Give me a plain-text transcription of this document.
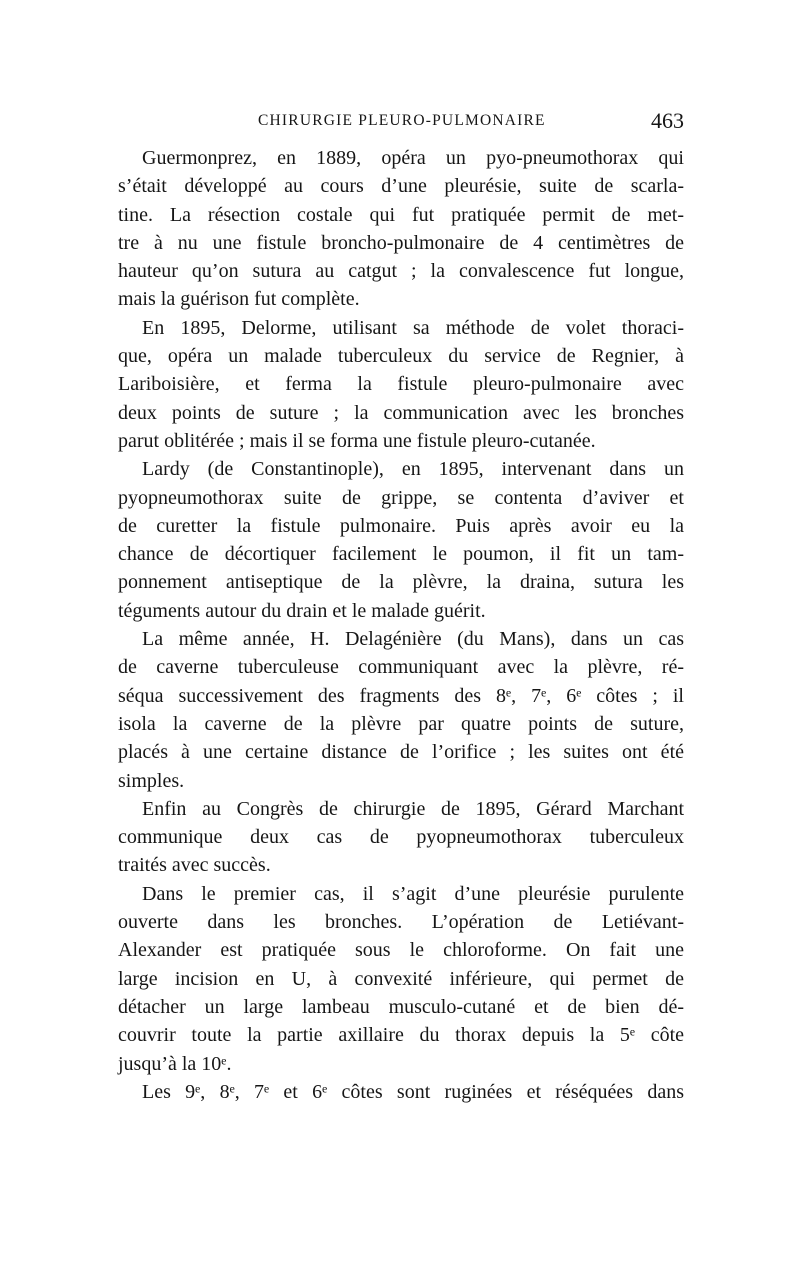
CHIRURGIE PLEURO-PULMONAIRE	463

Guermonprez, en 1889, opéra un pyo-pneumothorax qui
s’était développé au cours d’une pleurésie, suite de scarla-
tine. La résection costale qui fut pratiquée permit de met-
tre à nu une fistule broncho-pulmonaire de 4 centimètres de
hauteur qu’on sutura au catgut ; la convalescence fut longue,
mais la guérison fut complète.

En 1895, Delorme, utilisant sa méthode de volet thoraci-
que, opéra un malade tuberculeux du service de Regnier, à
Lariboisière, et ferma la fistule pleuro-pulmonaire avec
deux points de suture ; la communication avec les bronches
parut oblitérée ; mais il se forma une fistule pleuro-cutanée.

Lardy (de Constantinople), en 1895, intervenant dans un
pyopneumothorax suite de grippe, se contenta d’aviver et
de curetter la fistule pulmonaire. Puis après avoir eu la
chance de décortiquer facilement le poumon, il fit un tam-
ponnement antiseptique de la plèvre, la draina, sutura les
téguments autour du drain et le malade guérit.

La même année, H. Delagénière (du Mans), dans un cas
de caverne tuberculeuse communiquant avec la plèvre, ré-
séqua successivement des fragments des 8ᵉ, 7ᵉ, 6ᵉ côtes ; il
isola la caverne de la plèvre par quatre points de suture,
placés à une certaine distance de l’orifice ; les suites ont été
simples.

Enfin au Congrès de chirurgie de 1895, Gérard Marchant
communique deux cas de pyopneumothorax tuberculeux
traités avec succès.

Dans le premier cas, il s’agit d’une pleurésie purulente
ouverte dans les bronches. L’opération de Letiévant-
Alexander est pratiquée sous le chloroforme. On fait une
large incision en U, à convexité inférieure, qui permet de
détacher un large lambeau musculo-cutané et de bien dé-
couvrir toute la partie axillaire du thorax depuis la 5ᵉ côte
jusqu’à la 10ᵉ.

Les 9ᵉ, 8ᵉ, 7ᵉ et 6ᵉ côtes sont ruginées et réséquées dans
